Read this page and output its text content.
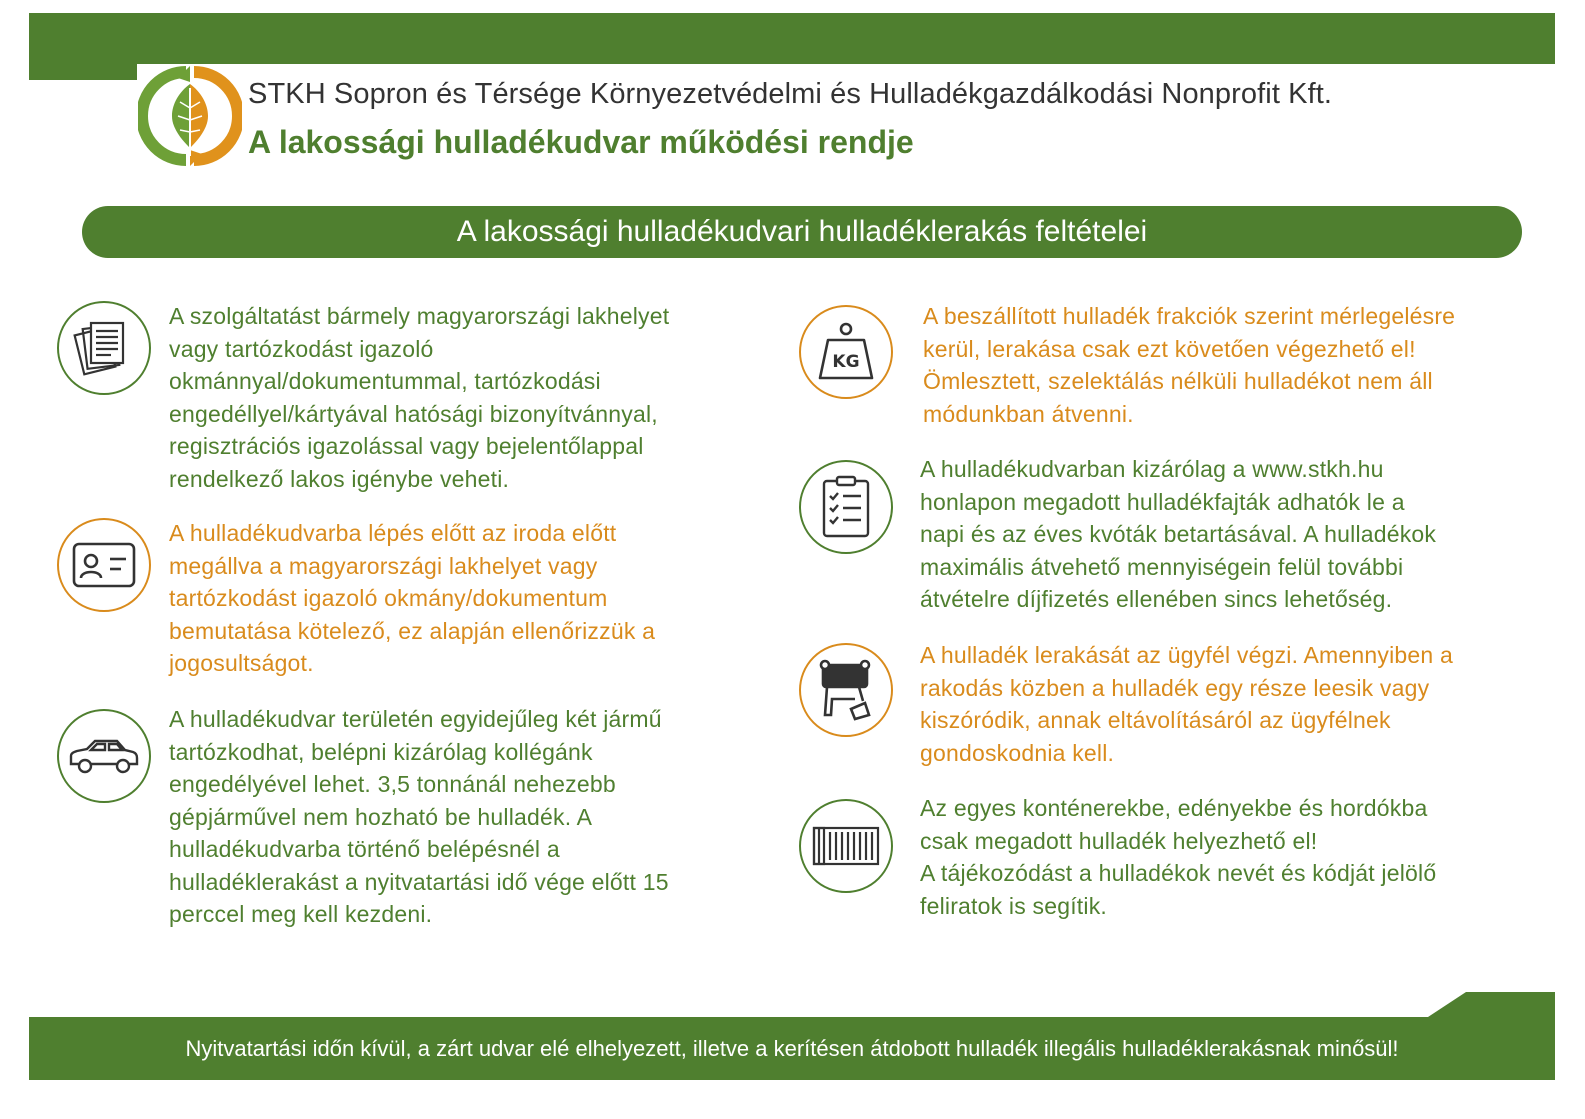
STKH Sopron és Térsége Környezetvédelmi és Hulladékgazdálkodási Nonprofit Kft.
A lakossági hulladékudvar működési rendje
A lakossági hulladékudvari hulladéklerakás feltételei
A szolgáltatást bármely magyarországi lakhelyet
vagy tartózkodást igazoló
okmánnyal/dokumentummal, tartózkodási
engedéllyel/kártyával hatósági bizonyítvánnyal,
regisztrációs igazolással vagy bejelentőlappal
rendelkező lakos igénybe veheti.
A hulladékudvarba lépés előtt az iroda előtt
megállva a magyarországi lakhelyet vagy
tartózkodást igazoló okmány/dokumentum
bemutatása kötelező, ez alapján ellenőrizzük a
jogosultságot.
A hulladékudvar területén egyidejűleg két jármű
tartózkodhat, belépni kizárólag kollégánk
engedélyével lehet. 3,5 tonnánál nehezebb
gépjárművel nem hozható be hulladék. A
hulladékudvarba történő belépésnél a
hulladéklerakást a nyitvatartási idő vége előtt 15
perccel meg kell kezdeni.
KG
A beszállított hulladék frakciók szerint mérlegelésre
kerül, lerakása csak ezt követően végezhető el!
Ömlesztett, szelektálás nélküli hulladékot nem áll
módunkban átvenni.
A hulladékudvarban kizárólag a www.stkh.hu
honlapon megadott hulladékfajták adhatók le a
napi és az éves kvóták betartásával. A hulladékok
maximális átvehető mennyiségein felül további
átvételre díjfizetés ellenében sincs lehetőség.
A hulladék lerakását az ügyfél végzi. Amennyiben a
rakodás közben a hulladék egy része leesik vagy
kiszóródik, annak eltávolításáról az ügyfélnek
gondoskodnia kell.
Az egyes konténerekbe, edényekbe és hordókba
csak megadott hulladék helyezhető el!
A tájékozódást a hulladékok nevét és kódját jelölő
feliratok is segítik.
Nyitvatartási időn kívül, a zárt udvar elé elhelyezett, illetve a kerítésen átdobott hulladék illegális hulladéklerakásnak minősül!
